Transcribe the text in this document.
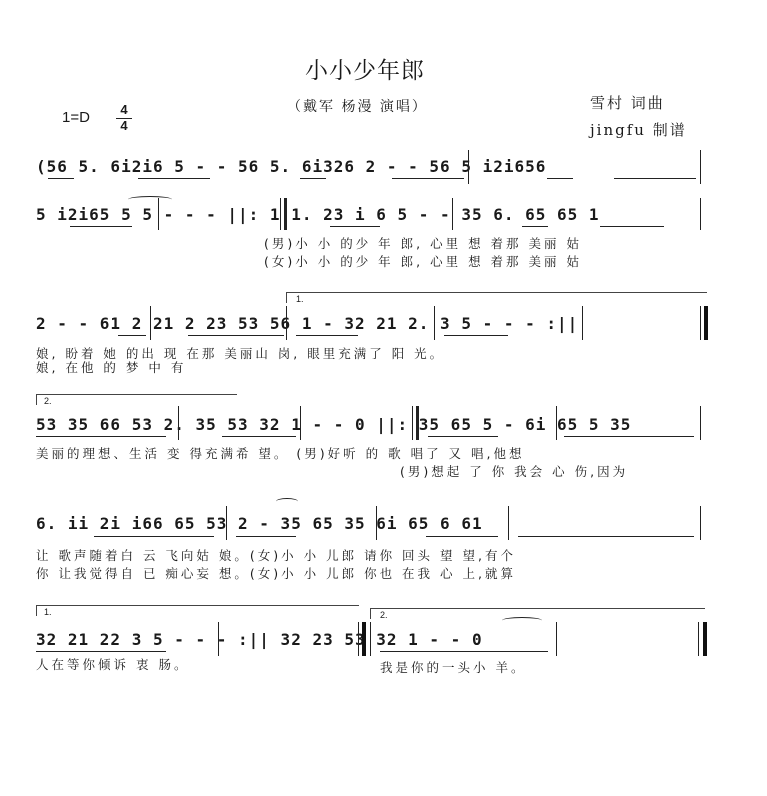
小小少年郎
（戴军 杨漫 演唱）	雪村 词曲
jingfu 制谱
1=D 4
4
(56 5. 6i2i6 5 - - 56 5. 6i326 2 - - 56 5 i2i656
5 i2i65 5 5 - - - ||: 1 1. 23 i 6 5 - - 35 6. 65 65 1
(男)小 小 的少 年 郎, 心里 想 着那 美丽 姑
(女)小 小 的少 年 郎, 心里 想 着那 美丽 姑
1.
2 - - 61 2 21 2 23 53 56 1 - 32 21 2. 3 5 - - - :||
娘, 盼着 她 的出 现 在那 美丽山 岗, 眼里充满了 阳 光。
娘, 在他 的 梦 中 有
2.
53 35 66 53 2. 35 53 32 1 - - 0 ||: 35 65 5 - 6i 65 5 35
美丽的理想、生活 变 得充满希 望。 (男)好听 的 歌 唱了 又 唱,他想
(男)想起 了 你 我会 心 伤,因为
6. ii 2i i66 65 53 2 - 35 65 35 6i 65 6 61
让 歌声随着白 云 飞向姑 娘。(女)小 小 儿郎 请你 回头 望 望,有个
你 让我觉得自 已 痴心妄 想。(女)小 小 儿郎 你也 在我 心 上,就算
1.	2.
32 21 22 3 5 - - - :|| 32 23 53 32 1 - - 0
人在等你倾诉 衷 肠。	我是你的一头小 羊。
